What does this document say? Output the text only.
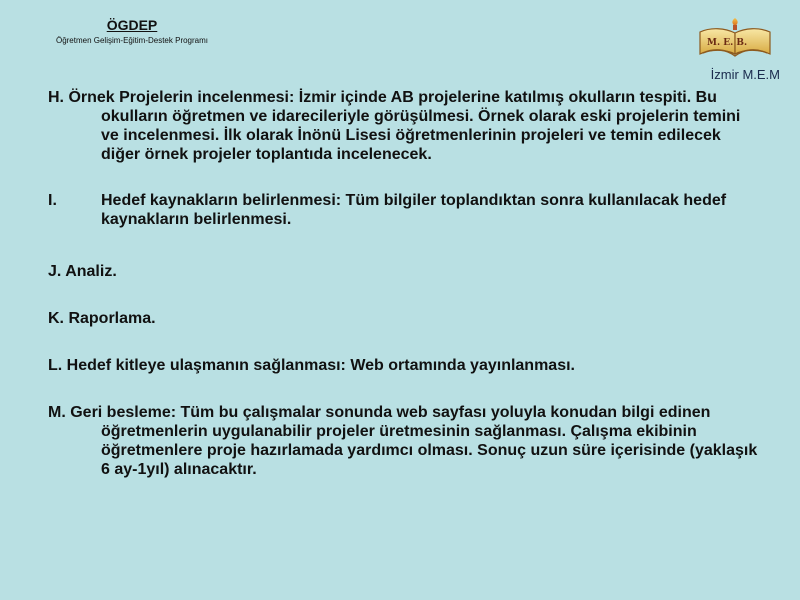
ÖGDEP
Öğretmen Gelişim-Eğitim-Destek Programı	M. E. B.
İzmir M.E.M
H. Örnek Projelerin incelenmesi: İzmir içinde AB projelerine katılmış okulların tespiti. Bu okulların öğretmen ve idarecileriyle görüşülmesi. Örnek olarak eski projelerin temini ve incelenmesi. İlk olarak İnönü Lisesi öğretmenlerinin projeleri ve temin edilecek diğer örnek projeler toplantıda incelenecek.
I.	Hedef kaynakların belirlenmesi: Tüm bilgiler toplandıktan sonra kullanılacak hedef kaynakların belirlenmesi.
J. Analiz.
K. Raporlama.
L. Hedef kitleye ulaşmanın sağlanması: Web ortamında yayınlanması.
M. Geri besleme: Tüm bu çalışmalar sonunda web sayfası yoluyla konudan bilgi edinen öğretmenlerin uygulanabilir projeler üretmesinin sağlanması. Çalışma ekibinin öğretmenlere proje hazırlamada yardımcı olması. Sonuç uzun süre içerisinde (yaklaşık 6 ay-1yıl) alınacaktır.
